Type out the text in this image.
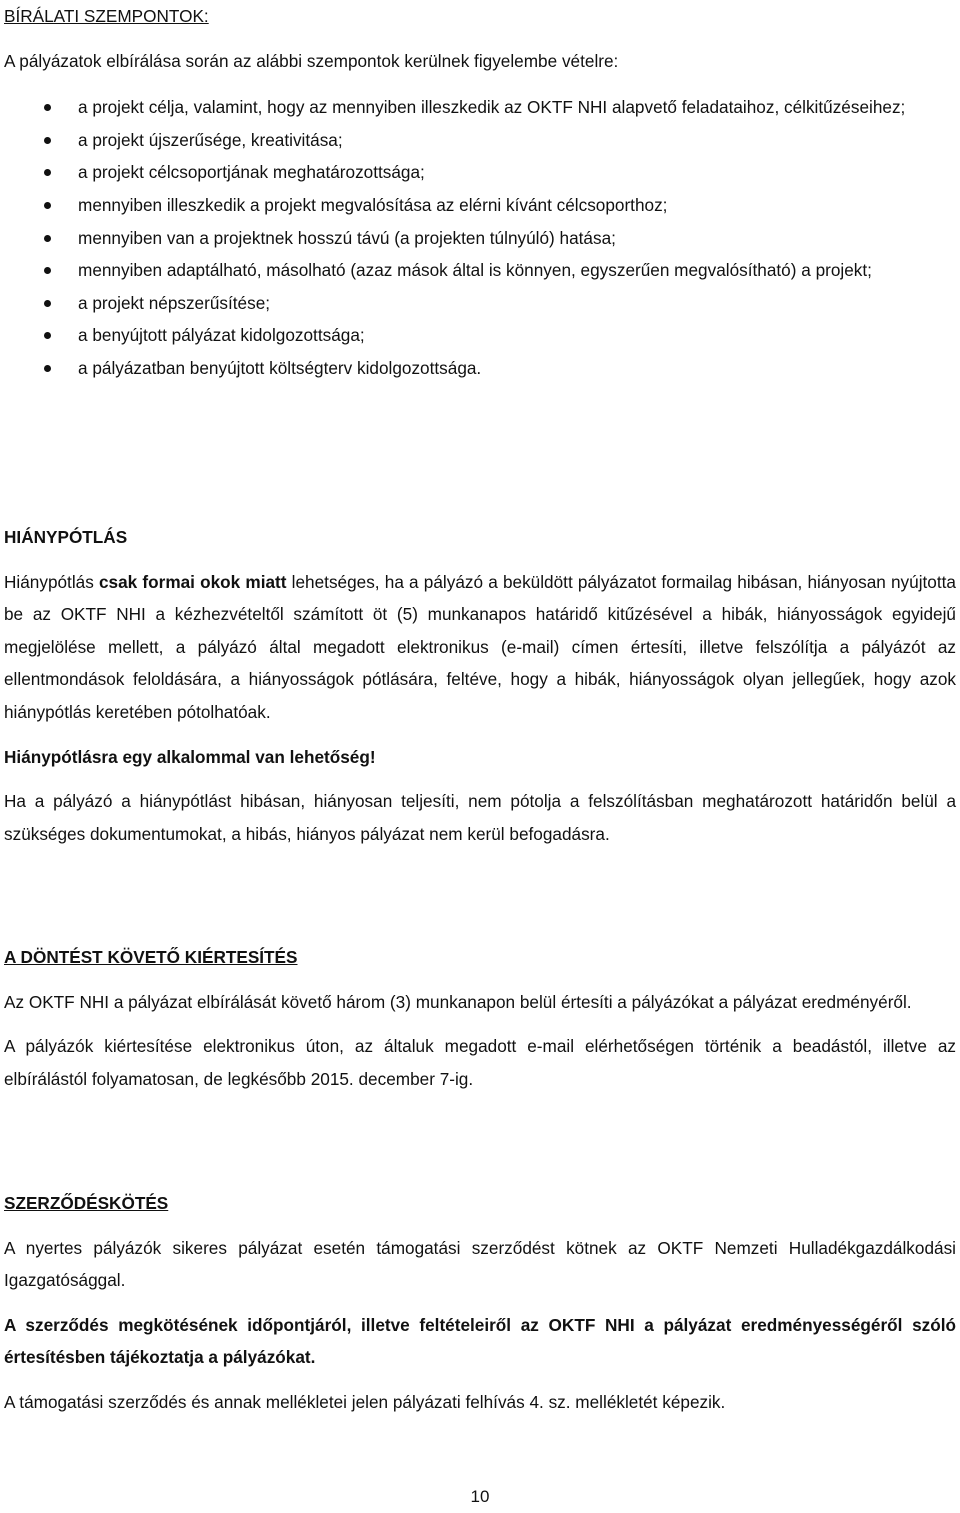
BÍRÁLATI SZEMPONTOK:
A pályázatok elbírálása során az alábbi szempontok kerülnek figyelembe vételre:
a projekt célja, valamint, hogy az mennyiben illeszkedik az OKTF NHI alapvető feladataihoz, célkitűzéseihez;
a projekt újszerűsége, kreativitása;
a projekt célcsoportjának meghatározottsága;
mennyiben illeszkedik a projekt megvalósítása az elérni kívánt célcsoporthoz;
mennyiben van a projektnek hosszú távú (a projekten túlnyúló) hatása;
mennyiben adaptálható, másolható (azaz mások által is könnyen, egyszerűen megvalósítható) a projekt;
a projekt népszerűsítése;
a benyújtott pályázat kidolgozottsága;
a pályázatban benyújtott költségterv kidolgozottsága.
HIÁNYPÓTLÁS

Hiánypótlás csak formai okok miatt lehetséges, ha a pályázó a beküldött pályázatot formailag hibásan, hiányosan nyújtotta be az OKTF NHI a kézhezvételtől számított öt (5) munkanapos határidő kitűzésével a hibák, hiányosságok egyidejű megjelölése mellett, a pályázó által megadott elektronikus (e-mail) címen értesíti, illetve felszólítja a pályázót az ellentmondások feloldására, a hiányosságok pótlására, feltéve, hogy a hibák, hiányosságok olyan jellegűek, hogy azok hiánypótlás keretében pótolhatóak.

Hiánypótlásra egy alkalommal van lehetőség!

Ha a pályázó a hiánypótlást hibásan, hiányosan teljesíti, nem pótolja a felszólításban meghatározott határidőn belül a szükséges dokumentumokat, a hibás, hiányos pályázat nem kerül befogadásra.

A DÖNTÉST KÖVETŐ KIÉRTESÍTÉS

Az OKTF NHI a pályázat elbírálását követő három (3) munkanapon belül értesíti a pályázókat a pályázat eredményéről.

A pályázók kiértesítése elektronikus úton, az általuk megadott e-mail elérhetőségen történik a beadástól, illetve az elbírálástól folyamatosan, de legkésőbb 2015. december 7-ig.

SZERZŐDÉSKÖTÉS

A nyertes pályázók sikeres pályázat esetén támogatási szerződést kötnek az OKTF Nemzeti Hulladékgazdálkodási Igazgatósággal.

A szerződés megkötésének időpontjáról, illetve feltételeiről az OKTF NHI a pályázat eredményességéről szóló értesítésben tájékoztatja a pályázókat.

A támogatási szerződés és annak mellékletei jelen pályázati felhívás 4. sz. mellékletét képezik.

10
